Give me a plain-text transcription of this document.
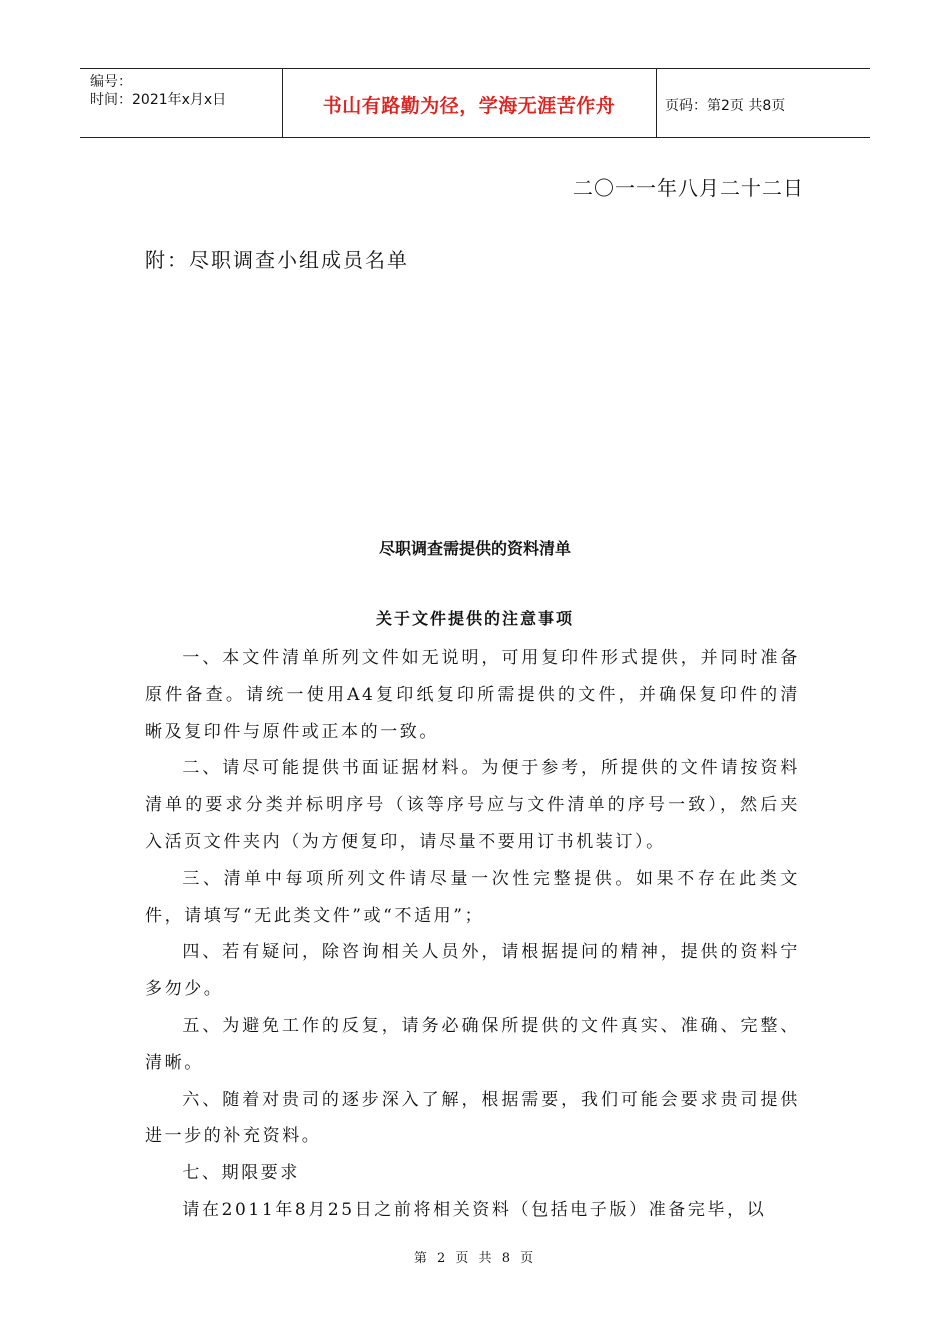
编号：
时间：2021年x月x日	书山有路勤为径，学海无涯苦作舟	页码：第2页 共8页
二〇一一年八月二十二日
附：尽职调查小组成员名单
尽职调查需提供的资料清单
关于文件提供的注意事项

一、本文件清单所列文件如无说明，可用复印件形式提供，并同时准备原件备查。请统一使用A4复印纸复印所需提供的文件，并确保复印件的清晰及复印件与原件或正本的一致。

二、请尽可能提供书面证据材料。为便于参考，所提供的文件请按资料清单的要求分类并标明序号（该等序号应与文件清单的序号一致），然后夹入活页文件夹内（为方便复印，请尽量不要用订书机装订）。

三、清单中每项所列文件请尽量一次性完整提供。如果不存在此类文件，请填写“无此类文件”或“不适用”；

四、若有疑问，除咨询相关人员外，请根据提问的精神，提供的资料宁多勿少。

五、为避免工作的反复，请务必确保所提供的文件真实、准确、完整、清晰。

六、随着对贵司的逐步深入了解，根据需要，我们可能会要求贵司提供进一步的补充资料。

七、期限要求

请在2011年8月25日之前将相关资料（包括电子版）准备完毕，以

第 2 页 共 8 页
